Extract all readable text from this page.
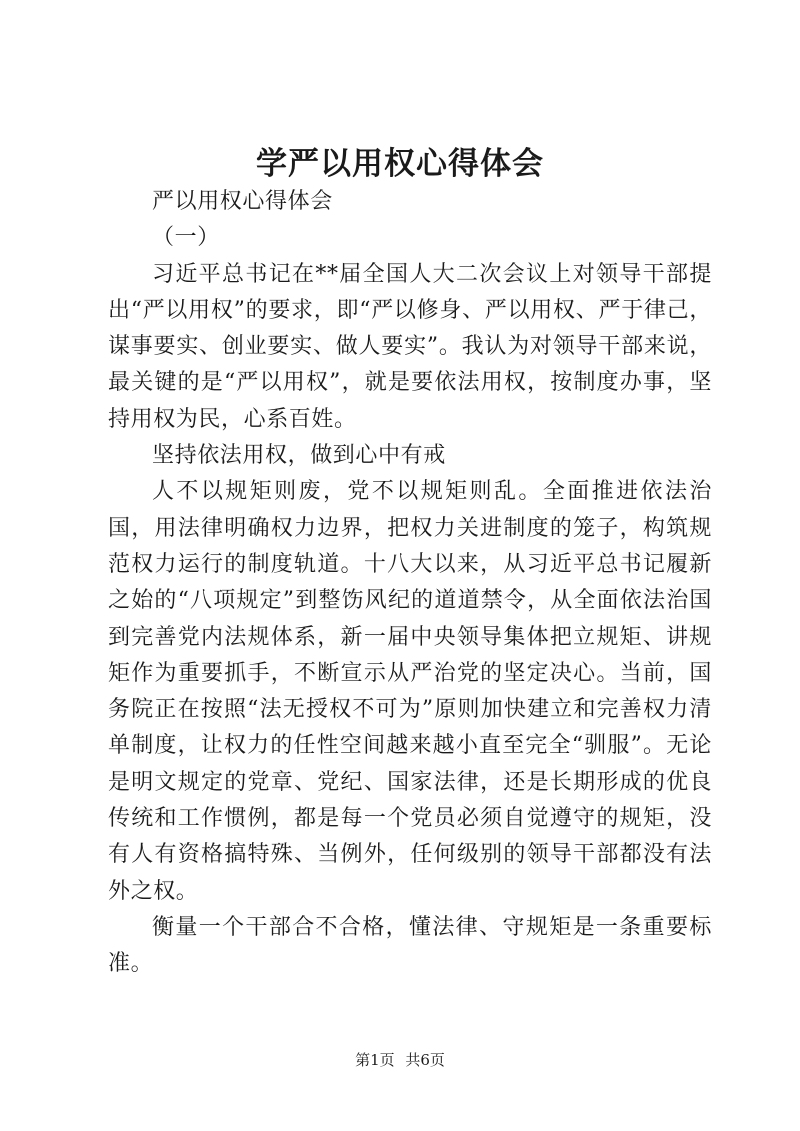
学严以用权心得体会

严以用权心得体会

（一）

习近平总书记在**届全国人大二次会议上对领导干部提出“严以用权”的要求，即“严以修身、严以用权、严于律己，谋事要实、创业要实、做人要实”。我认为对领导干部来说，最关键的是“严以用权”，就是要依法用权，按制度办事，坚持用权为民，心系百姓。

坚持依法用权，做到心中有戒

人不以规矩则废，党不以规矩则乱。全面推进依法治国，用法律明确权力边界，把权力关进制度的笼子，构筑规范权力运行的制度轨道。十八大以来，从习近平总书记履新之始的“八项规定”到整饬风纪的道道禁令，从全面依法治国到完善党内法规体系，新一届中央领导集体把立规矩、讲规矩作为重要抓手，不断宣示从严治党的坚定决心。当前，国务院正在按照“法无授权不可为”原则加快建立和完善权力清单制度，让权力的任性空间越来越小直至完全“驯服”。无论是明文规定的党章、党纪、国家法律，还是长期形成的优良传统和工作惯例，都是每一个党员必须自觉遵守的规矩，没有人有资格搞特殊、当例外，任何级别的领导干部都没有法外之权。

衡量一个干部合不合格，懂法律、守规矩是一条重要标准。

第1页 共6页
